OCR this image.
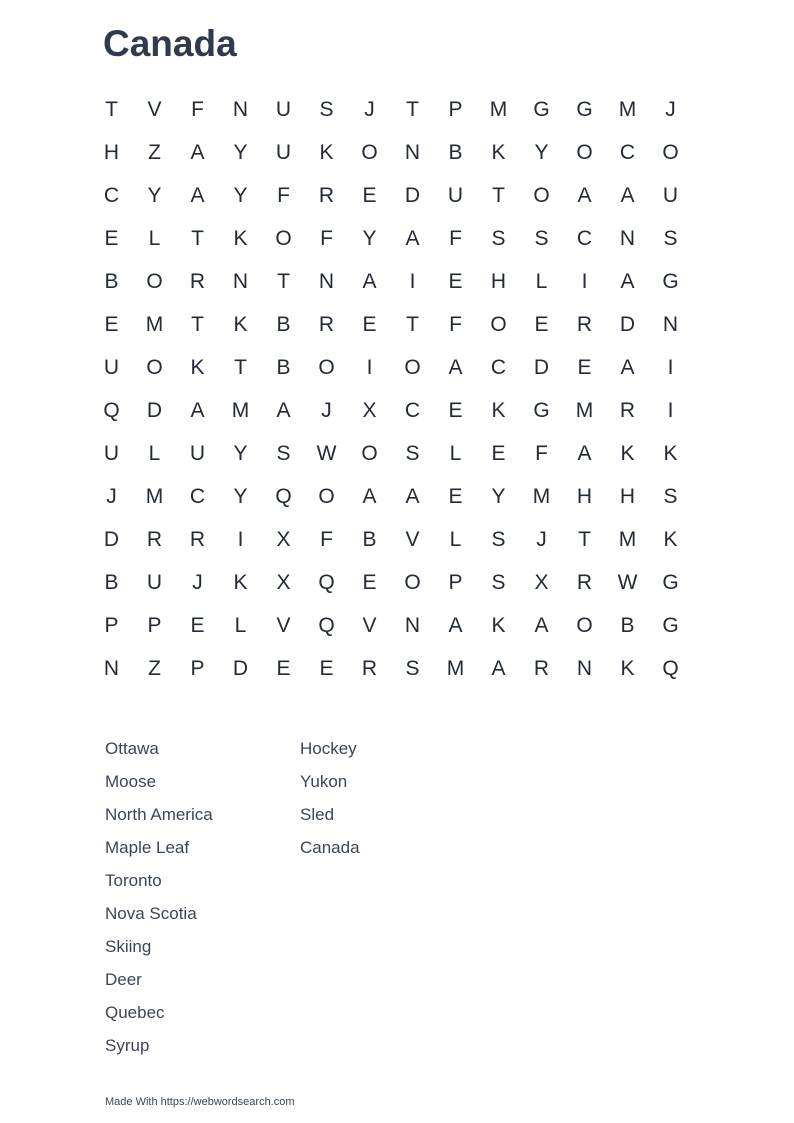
Canada
T	V	F	N	U	S	J	T	P	M	G	G	M	J
H	Z	A	Y	U	K	O	N	B	K	Y	O	C	O
C	Y	A	Y	F	R	E	D	U	T	O	A	A	U
E	L	T	K	O	F	Y	A	F	S	S	C	N	S
B	O	R	N	T	N	A	I	E	H	L	I	A	G
E	M	T	K	B	R	E	T	F	O	E	R	D	N
U	O	K	T	B	O	I	O	A	C	D	E	A	I
Q	D	A	M	A	J	X	C	E	K	G	M	R	I
U	L	U	Y	S	W	O	S	L	E	F	A	K	K
J	M	C	Y	Q	O	A	A	E	Y	M	H	H	S
D	R	R	I	X	F	B	V	L	S	J	T	M	K
B	U	J	K	X	Q	E	O	P	S	X	R	W	G
P	P	E	L	V	Q	V	N	A	K	A	O	B	G
N	Z	P	D	E	E	R	S	M	A	R	N	K	Q
Ottawa
Moose
North America
Maple Leaf
Toronto
Nova Scotia
Skiing
Deer
Quebec
Syrup
Hockey
Yukon
Sled
Canada
Made With https://webwordsearch.com
